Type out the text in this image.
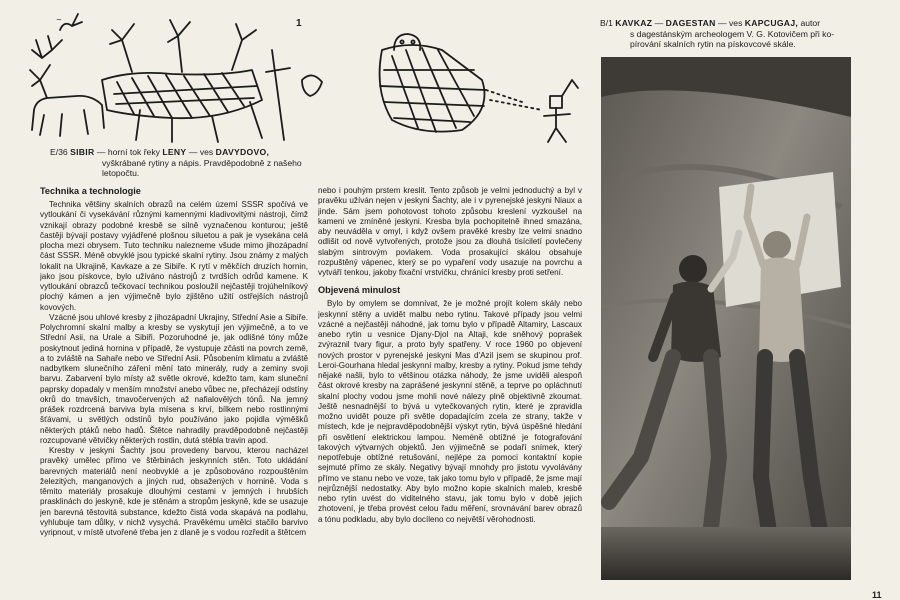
~	1
E/36 SIBIR — horní tok řeky LENY — ves DAVYDOVO,
vyškrábané rytiny a nápis. Pravděpodobně z našeho
letopočtu.
B/1 KAVKAZ — DAGESTAN — ves KAPCUGAJ, autor
s dagestánským archeologem V. G. Kotovičem při ko-
pírování skalních rytin na pískovcové skále.
Technika a technologie

Technika většiny skalních obrazů na celém území SSSR spočívá ve vytloukání či vysekávání různými kamennými kladivovitými nástroji, čímž vznikají obrazy podobné kresbě se silně vyznačenou konturou; ještě častěji bývají postavy vyjádřené plošnou siluetou a pak je vysekána celá plocha mezi obrysem. Tuto techniku nalezneme všude mimo jihozápadní část SSSR. Méně obvyklé jsou typické skalní rytiny. Jsou známy z malých lokalit na Ukrajině, Kavkaze a ze Sibiře. K rytí v měkčích druzích hornin, jako jsou pískovce, bylo užíváno nástrojů z tvrdších odrůd kamene. K vytloukání obrazců tečkovací technikou posloužil nejčastěji trojúhelníkový plochý kámen a jen výjimečně bylo zjištěno užití ostřejších nástrojů kovových.

Vzácné jsou uhlové kresby z jihozápadní Ukrajiny, Střední Asie a Sibiře. Polychromní skalní malby a kresby se vyskytují jen výjimečně, a to ve Střední Asii, na Urale a Sibiři. Pozoruhodné je, jak odlišné tóny může poskytnout jediná hornina v případě, že vystupuje zčásti na povrch země, a to zvláště na Sahaře nebo ve Střední Asii. Působením klimatu a zvláště nadbytkem slunečního záření mění tato minerály, rudy a zeminy svoji barvu. Zabarvení bylo místy až světle okrové, kdežto tam, kam sluneční paprsky dopadaly v menším množství anebo vůbec ne, přecházejí odstíny okrů do tmavších, tmavočervených až nafialovělých tónů. Na jemný prášek rozdrcená barviva byla mísena s krví, bílkem nebo rostlinnými šťávami, u světlých odstínů bylo používáno jako pojidla výměšků některých ptáků nebo hadů. Štětce nahradily pravděpodobně nejčastěji rozcupované větvičky některých rostlin, dutá stébla travin apod.

Kresby v jeskyni Šachty jsou provedeny barvou, kterou nacházel pravěký umělec přímo ve štěrbinách jeskynních stěn. Toto ukládání barevných materiálů není neobvyklé a je způsobováno rozpouštěním železitých, manganových a jiných rud, obsažených v hornině. Voda s těmito materiály prosakuje dlouhými cestami v jemných i hrubších prasklinách do jeskyně, kde je stěnám a stropům jeskyně, kde se usazuje jen barevná těstovitá substance, kdežto čistá voda skapává na podlahu, vyhlubuje tam důlky, v nichž vysychá. Pravěkému umělci stačilo barvivo vyripnout, v místě utvořené třeba jen z dlaně je s vodou rozředit a štětcem

nebo i pouhým prstem kreslit. Tento způsob je velmi jednoduchý a byl v pravěku užíván nejen v jeskyni Šachty, ale i v pyrenejské jeskyni Niaux a jinde. Sám jsem pohotovost tohoto způsobu kreslení vyzkoušel na kameni ve zmíněné jeskyni. Kresba byla pochopitelně ihned smazána, aby neuváděla v omyl, i když ovšem pravěké kresby lze velmi snadno odlišit od nově vytvořených, protože jsou za dlouhá tisíciletí povlečeny slabým sintrovým povlakem. Voda prosakující skálou obsahuje rozpuštěný vápenec, který se po vypaření vody usazuje na povrchu a vytváří tenkou, jakoby fixační vrstvičku, chránící kresby proti setření.

Objevená minulost

Bylo by omylem se domnívat, že je možné projít kolem skály nebo jeskynní stěny a uvidět malbu nebo rytinu. Takové případy jsou velmi vzácné a nejčastěji náhodné, jak tomu bylo v případě Altamiry, Lascaux anebo rytin u vesnice Djany-Djol na Altaji, kde sněhový poprašek zvýraznil tvary figur, a proto byly spatřeny. V roce 1960 po objevení nových prostor v pyrenejské jeskyni Mas d'Azil jsem se skupinou prof. Leroi-Gourhana hledal jeskynní malby, kresby a rytiny. Pokud jsme tehdy nějaké našli, bylo to většinou otázka náhody, že jsme uviděli alespoň část okrové kresby na zaprášené jeskynní stěně, a teprve po opláchnutí skalní plochy vodou jsme mohli nové nálezy plně objektivně zkoumat. Ještě nesnadnější to bývá u vytečkovaných rytin, které je zpravidla možno uvidět pouze při světle dopadajícím zcela ze strany, takže v místech, kde je nejpravděpodobnější výskyt rytin, bývá úspěšné hledání při osvětlení elektrickou lampou. Neméně obtížné je fotografování takových výtvarných objektů. Jen výjimečně se podaří snímek, který nepotřebuje obtížné retušování, nejlépe za pomoci kontaktní kopie sejmuté přímo ze skály. Negativy bývají mnohdy pro jistotu vyvolávány přímo ve stanu nebo ve voze, tak jako tomu bylo v případě, že jsme mají nejrůznější nedostatky. Aby bylo možno kopie skalních maleb, kresbě nebo rytin uvést do viditelného stavu, jak tomu bylo v době jejich zhotovení, je třeba provést celou řadu měření, srovnávání barev obrazů a tónu podkladu, aby bylo docíleno co největší věrohodnosti.

11
